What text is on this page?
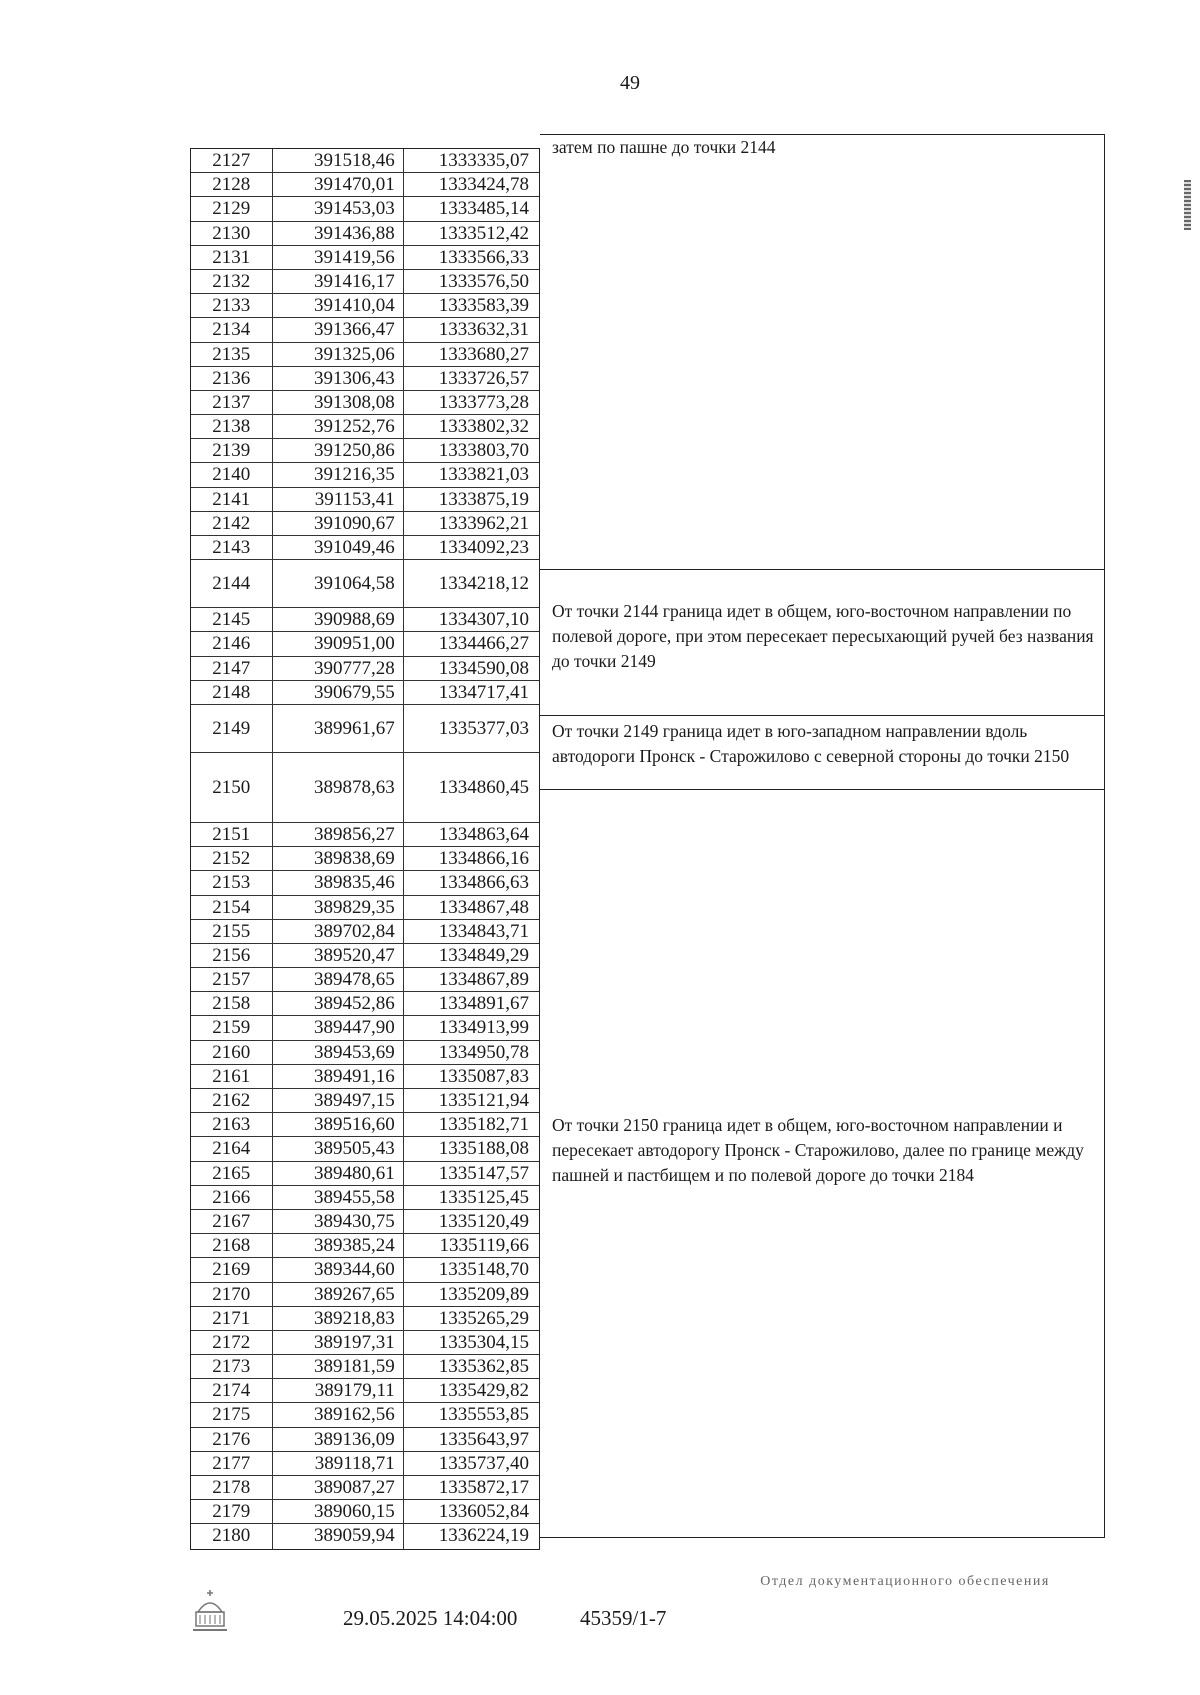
49
2127	391518,46	1333335,07
2128	391470,01	1333424,78
2129	391453,03	1333485,14
2130	391436,88	1333512,42
2131	391419,56	1333566,33
2132	391416,17	1333576,50
2133	391410,04	1333583,39
2134	391366,47	1333632,31
2135	391325,06	1333680,27
2136	391306,43	1333726,57
2137	391308,08	1333773,28
2138	391252,76	1333802,32
2139	391250,86	1333803,70
2140	391216,35	1333821,03
2141	391153,41	1333875,19
2142	391090,67	1333962,21
2143	391049,46	1334092,23
2144	391064,58	1334218,12
2145	390988,69	1334307,10
2146	390951,00	1334466,27
2147	390777,28	1334590,08
2148	390679,55	1334717,41
2149	389961,67	1335377,03
2150	389878,63	1334860,45
2151	389856,27	1334863,64
2152	389838,69	1334866,16
2153	389835,46	1334866,63
2154	389829,35	1334867,48
2155	389702,84	1334843,71
2156	389520,47	1334849,29
2157	389478,65	1334867,89
2158	389452,86	1334891,67
2159	389447,90	1334913,99
2160	389453,69	1334950,78
2161	389491,16	1335087,83
2162	389497,15	1335121,94
2163	389516,60	1335182,71
2164	389505,43	1335188,08
2165	389480,61	1335147,57
2166	389455,58	1335125,45
2167	389430,75	1335120,49
2168	389385,24	1335119,66
2169	389344,60	1335148,70
2170	389267,65	1335209,89
2171	389218,83	1335265,29
2172	389197,31	1335304,15
2173	389181,59	1335362,85
2174	389179,11	1335429,82
2175	389162,56	1335553,85
2176	389136,09	1335643,97
2177	389118,71	1335737,40
2178	389087,27	1335872,17
2179	389060,15	1336052,84
2180	389059,94	1336224,19
затем по пашне до точки 2144
От точки 2144 граница идет в общем, юго-восточном направлении по полевой дороге, при этом пересекает пересыхающий ручей без названия до точки 2149
От точки 2149 граница идет в юго-западном направлении вдоль автодороги Пронск - Старожилово с северной стороны до точки 2150
От точки 2150 граница идет в общем, юго-восточном направлении и пересекает автодорогу Пронск - Старожилово, далее по границе между пашней и пастбищем и по полевой дороге до точки 2184
29.05.2025 14:04:00	45359/1-7
Отдел документационного обеспечения
